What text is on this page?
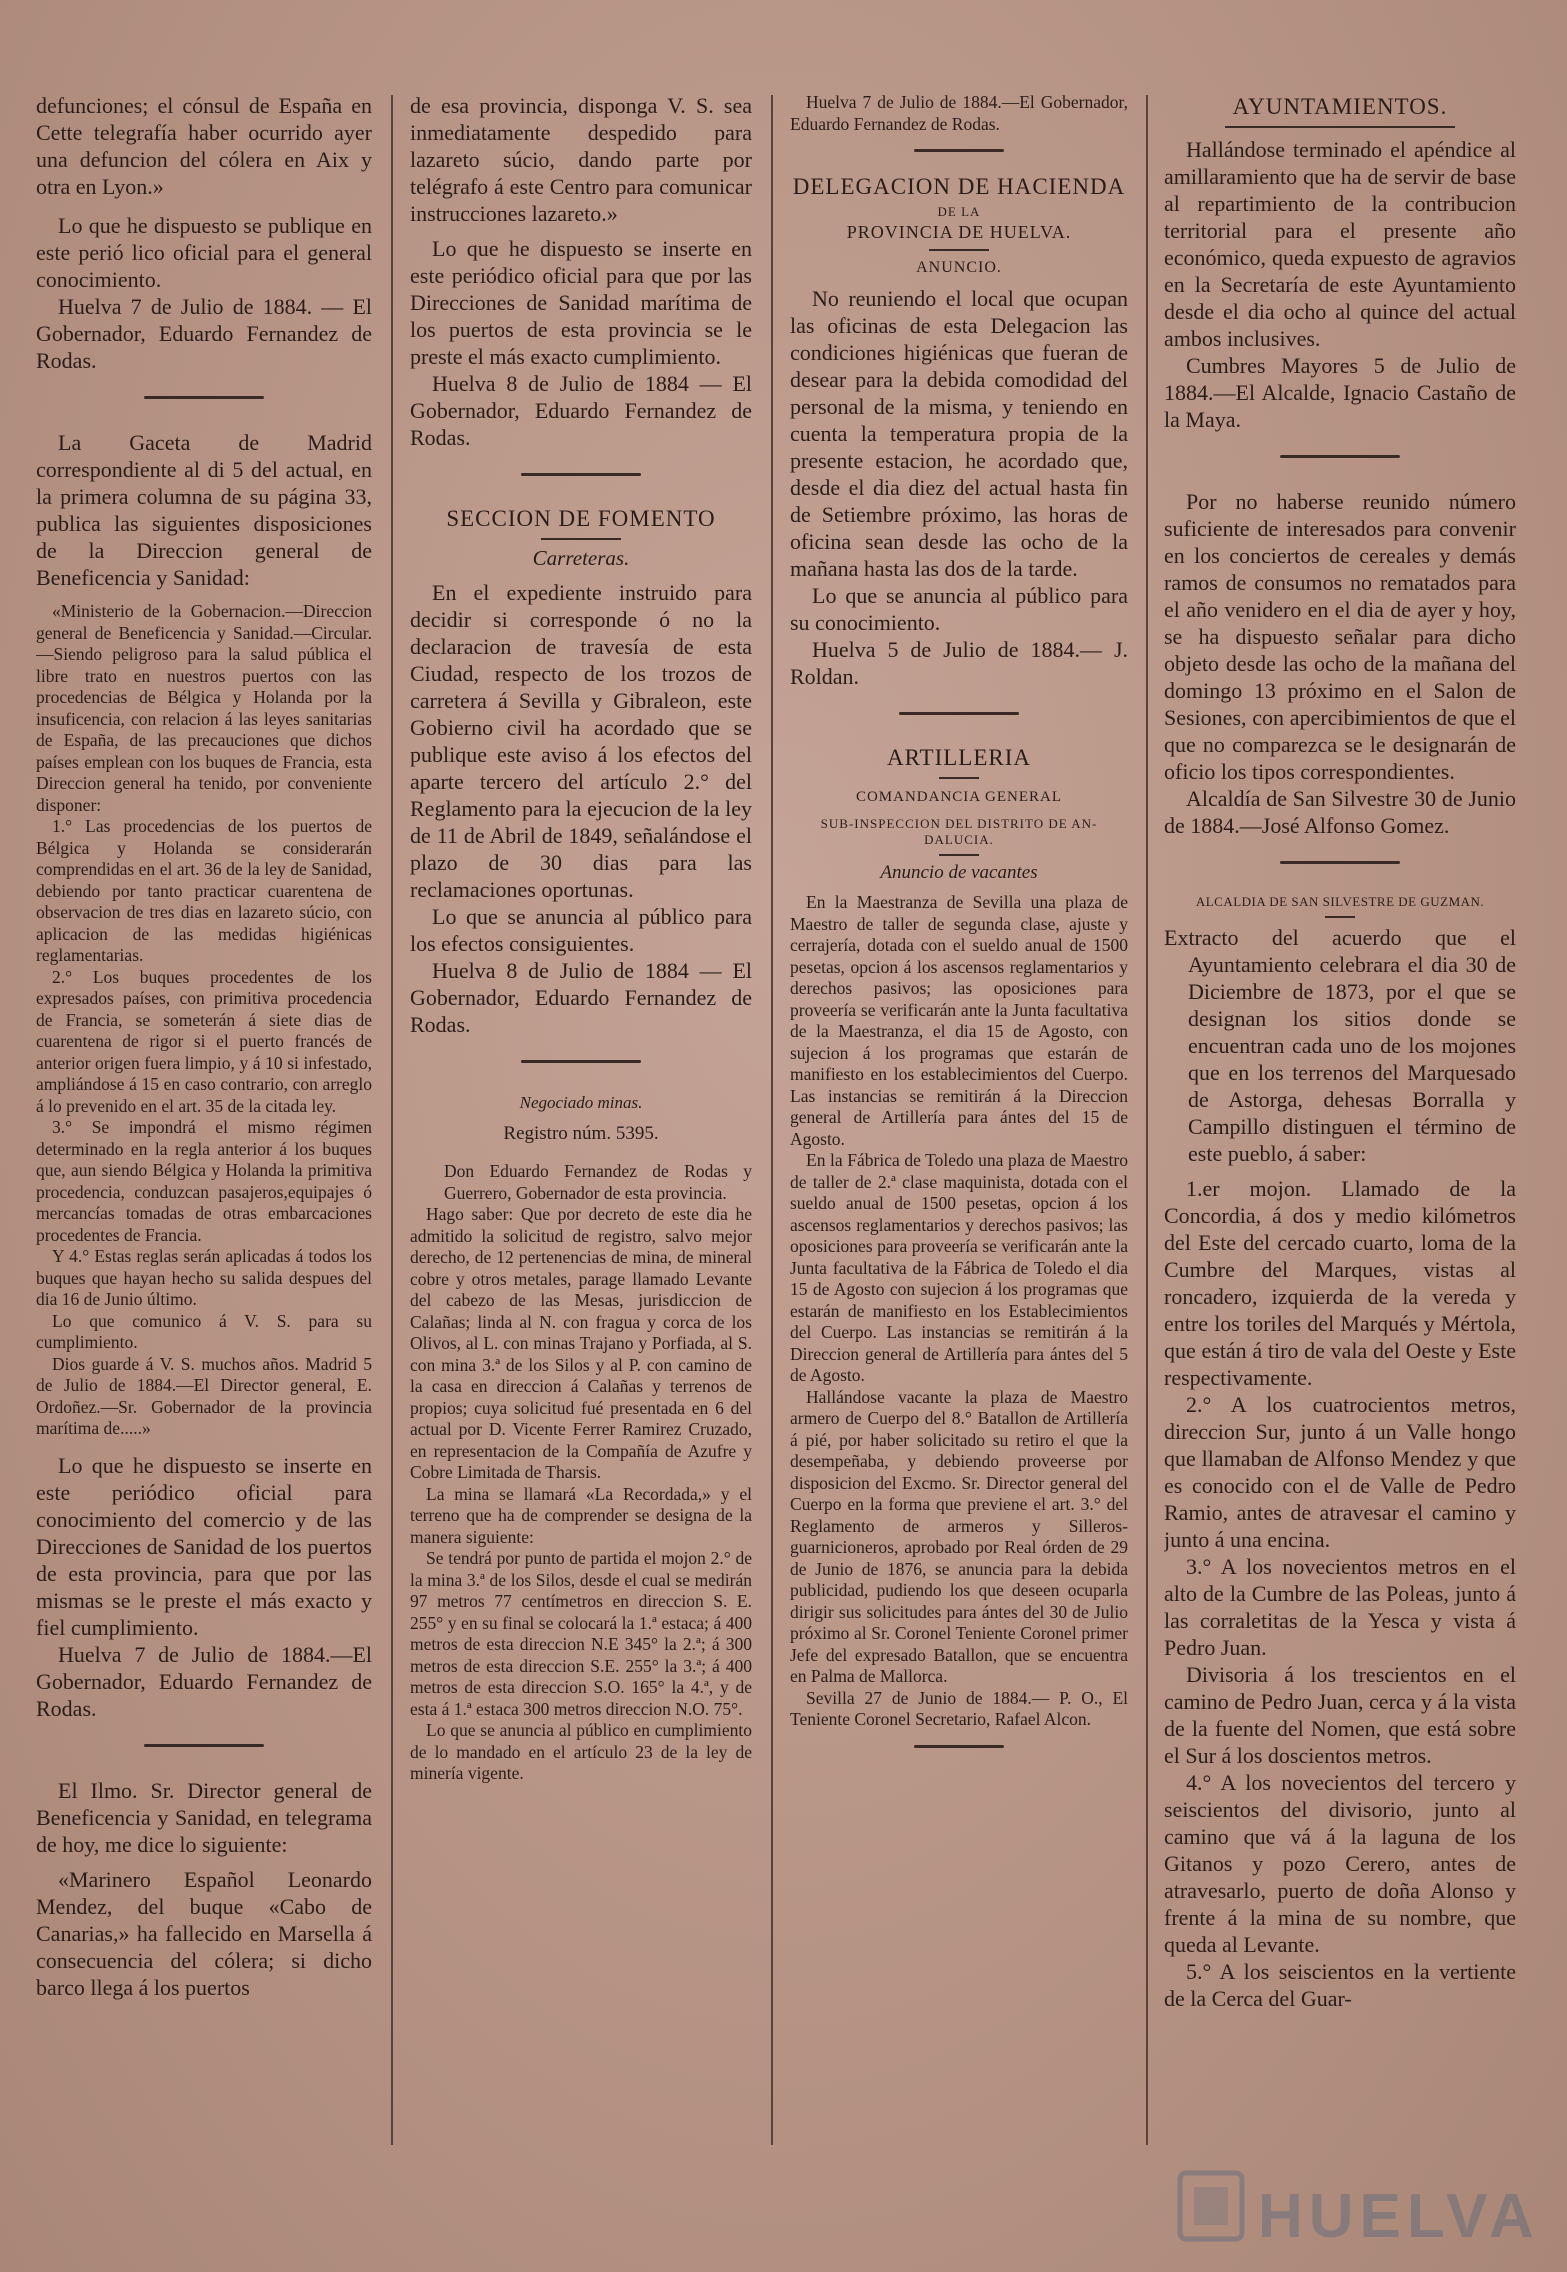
defunciones; el cónsul de España en Cette telegrafía haber ocurrido ayer una defuncion del cólera en Aix y otra en Lyon.»

Lo que he dispuesto se publique en este perió lico oficial para el general conocimiento.

Huelva 7 de Julio de 1884. — El Gobernador, Eduardo Fernandez de Rodas.

La Gaceta de Madrid correspondiente al di 5 del actual, en la primera columna de su página 33, publica las siguientes disposiciones de la Direccion general de Beneficencia y Sanidad:

«Ministerio de la Gobernacion.—Direccion general de Beneficencia y Sanidad.—Circular.—Siendo peligroso para la salud pública el libre trato en nuestros puertos con las procedencias de Bélgica y Holanda por la insuficencia, con relacion á las leyes sanitarias de España, de las precauciones que dichos países emplean con los buques de Francia, esta Direccion general ha tenido, por conveniente disponer:

1.° Las procedencias de los puertos de Bélgica y Holanda se considerarán comprendidas en el art. 36 de la ley de Sanidad, debiendo por tanto practicar cuarentena de observacion de tres dias en lazareto súcio, con aplicacion de las medidas higiénicas reglamentarias.

2.° Los buques procedentes de los expresados países, con primitiva procedencia de Francia, se someterán á siete dias de cuarentena de rigor si el puerto francés de anterior origen fuera limpio, y á 10 si infestado, ampliándose á 15 en caso contrario, con arreglo á lo prevenido en el art. 35 de la citada ley.

3.° Se impondrá el mismo régimen determinado en la regla anterior á los buques que, aun siendo Bélgica y Holanda la primitiva procedencia, conduzcan pasajeros,equipajes ó mercancías tomadas de otras embarcaciones procedentes de Francia.

Y 4.° Estas reglas serán aplicadas á todos los buques que hayan hecho su salida despues del dia 16 de Junio último.

Lo que comunico á V. S. para su cumplimiento.

Dios guarde á V. S. muchos años. Madrid 5 de Julio de 1884.—El Director general, E. Ordoñez.—Sr. Gobernador de la provincia marítima de.....»

Lo que he dispuesto se inserte en este periódico oficial para conocimiento del comercio y de las Direcciones de Sanidad de los puertos de esta provincia, para que por las mismas se le preste el más exacto y fiel cumplimiento.

Huelva 7 de Julio de 1884.—El Gobernador, Eduardo Fernandez de Rodas.

El Ilmo. Sr. Director general de Beneficencia y Sanidad, en telegrama de hoy, me dice lo siguiente:

«Marinero Español Leonardo Mendez, del buque «Cabo de Canarias,» ha fallecido en Marsella á consecuencia del cólera; si dicho barco llega á los puertos

de esa provincia, disponga V. S. sea inmediatamente despedido para lazareto súcio, dando parte por telégrafo á este Centro para comunicar instrucciones lazareto.»

Lo que he dispuesto se inserte en este periódico oficial para que por las Direcciones de Sanidad marítima de los puertos de esta provincia se le preste el más exacto cumplimiento.

Huelva 8 de Julio de 1884 — El Gobernador, Eduardo Fernandez de Rodas.

SECCION DE FOMENTO
Carreteras.

En el expediente instruido para decidir si corresponde ó no la declaracion de travesía de esta Ciudad, respecto de los trozos de carretera á Sevilla y Gibraleon, este Gobierno civil ha acordado que se publique este aviso á los efectos del aparte tercero del artículo 2.° del Reglamento para la ejecucion de la ley de 11 de Abril de 1849, señalándose el plazo de 30 dias para las reclamaciones oportunas.

Lo que se anuncia al público para los efectos consiguientes.

Huelva 8 de Julio de 1884 — El Gobernador, Eduardo Fernandez de Rodas.

Negociado minas.
Registro núm. 5395.

Don Eduardo Fernandez de Rodas y Guerrero, Gobernador de esta provincia.

Hago saber: Que por decreto de este dia he admitido la solicitud de registro, salvo mejor derecho, de 12 pertenencias de mina, de mineral cobre y otros metales, parage llamado Levante del cabezo de las Mesas, jurisdiccion de Calañas; linda al N. con fragua y corca de los Olivos, al L. con minas Trajano y Porfiada, al S. con mina 3.ª de los Silos y al P. con camino de la casa en direccion á Calañas y terrenos de propios; cuya solicitud fué presentada en 6 del actual por D. Vicente Ferrer Ramirez Cruzado, en representacion de la Compañía de Azufre y Cobre Limitada de Tharsis.

La mina se llamará «La Recordada,» y el terreno que ha de comprender se designa de la manera siguiente:

Se tendrá por punto de partida el mojon 2.° de la mina 3.ª de los Silos, desde el cual se medirán 97 metros 77 centímetros en direccion S. E. 255° y en su final se colocará la 1.ª estaca; á 400 metros de esta direccion N.E 345° la 2.ª; á 300 metros de esta direccion S.E. 255° la 3.ª; á 400 metros de esta direccion S.O. 165° la 4.ª, y de esta á 1.ª estaca 300 metros direccion N.O. 75°.

Lo que se anuncia al público en cumplimiento de lo mandado en el artículo 23 de la ley de minería vigente.

Huelva 7 de Julio de 1884.—El Gobernador, Eduardo Fernandez de Rodas.

DELEGACION DE HACIENDA
DE LA
PROVINCIA DE HUELVA.
ANUNCIO.

No reuniendo el local que ocupan las oficinas de esta Delegacion las condiciones higiénicas que fueran de desear para la debida comodidad del personal de la misma, y teniendo en cuenta la temperatura propia de la presente estacion, he acordado que, desde el dia diez del actual hasta fin de Setiembre próximo, las horas de oficina sean desde las ocho de la mañana hasta las dos de la tarde.

Lo que se anuncia al público para su conocimiento.

Huelva 5 de Julio de 1884.— J. Roldan.

ARTILLERIA
COMANDANCIA GENERAL
SUB-INSPECCION DEL DISTRITO DE AN- DALUCIA.
Anuncio de vacantes

En la Maestranza de Sevilla una plaza de Maestro de taller de segunda clase, ajuste y cerrajería, dotada con el sueldo anual de 1500 pesetas, opcion á los ascensos reglamentarios y derechos pasivos; las oposiciones para proveería se verificarán ante la Junta facultativa de la Maestranza, el dia 15 de Agosto, con sujecion á los programas que estarán de manifiesto en los establecimientos del Cuerpo. Las instancias se remitirán á la Direccion general de Artillería para ántes del 15 de Agosto.

En la Fábrica de Toledo una plaza de Maestro de taller de 2.ª clase maquinista, dotada con el sueldo anual de 1500 pesetas, opcion á los ascensos reglamentarios y derechos pasivos; las oposiciones para proveería se verificarán ante la Junta facultativa de la Fábrica de Toledo el dia 15 de Agosto con sujecion á los programas que estarán de manifiesto en los Establecimientos del Cuerpo. Las instancias se remitirán á la Direccion general de Artillería para ántes del 5 de Agosto.

Hallándose vacante la plaza de Maestro armero de Cuerpo del 8.° Batallon de Artillería á pié, por haber solicitado su retiro el que la desempeñaba, y debiendo proveerse por disposicion del Excmo. Sr. Director general del Cuerpo en la forma que previene el art. 3.° del Reglamento de armeros y Silleros-guarnicioneros, aprobado por Real órden de 29 de Junio de 1876, se anuncia para la debida publicidad, pudiendo los que deseen ocuparla dirigir sus solicitudes para ántes del 30 de Julio próximo al Sr. Coronel Teniente Coronel primer Jefe del expresado Batallon, que se encuentra en Palma de Mallorca.

Sevilla 27 de Junio de 1884.— P. O., El Teniente Coronel Secretario, Rafael Alcon.

AYUNTAMIENTOS.

Hallándose terminado el apéndice al amillaramiento que ha de servir de base al repartimiento de la contribucion territorial para el presente año económico, queda expuesto de agravios en la Secretaría de este Ayuntamiento desde el dia ocho al quince del actual ambos inclusives.

Cumbres Mayores 5 de Julio de 1884.—El Alcalde, Ignacio Castaño de la Maya.

Por no haberse reunido número suficiente de interesados para convenir en los conciertos de cereales y demás ramos de consumos no rematados para el año venidero en el dia de ayer y hoy, se ha dispuesto señalar para dicho objeto desde las ocho de la mañana del domingo 13 próximo en el Salon de Sesiones, con apercibimientos de que el que no comparezca se le designarán de oficio los tipos correspondientes.

Alcaldía de San Silvestre 30 de Junio de 1884.—José Alfonso Gomez.

ALCALDIA DE SAN SILVESTRE DE GUZMAN.

Extracto del acuerdo que el Ayuntamiento celebrara el dia 30 de Diciembre de 1873, por el que se designan los sitios donde se encuentran cada uno de los mojones que en los terrenos del Marquesado de Astorga, dehesas Borralla y Campillo distinguen el término de este pueblo, á saber:

1.er mojon. Llamado de la Concordia, á dos y medio kilómetros del Este del cercado cuarto, loma de la Cumbre del Marques, vistas al roncadero, izquierda de la vereda y entre los toriles del Marqués y Mértola, que están á tiro de vala del Oeste y Este respectivamente.

2.° A los cuatrocientos metros, direccion Sur, junto á un Valle hongo que llamaban de Alfonso Mendez y que es conocido con el de Valle de Pedro Ramio, antes de atravesar el camino y junto á una encina.

3.° A los novecientos metros en el alto de la Cumbre de las Poleas, junto á las corraletitas de la Yesca y vista á Pedro Juan.

Divisoria á los trescientos en el camino de Pedro Juan, cerca y á la vista de la fuente del Nomen, que está sobre el Sur á los doscientos metros.

4.° A los novecientos del tercero y seiscientos del divisorio, junto al camino que vá á la laguna de los Gitanos y pozo Cerero, antes de atravesarlo, puerto de doña Alonso y frente á la mina de su nombre, que queda al Levante.

5.° A los seiscientos en la vertiente de la Cerca del Guar-

HUELVA
